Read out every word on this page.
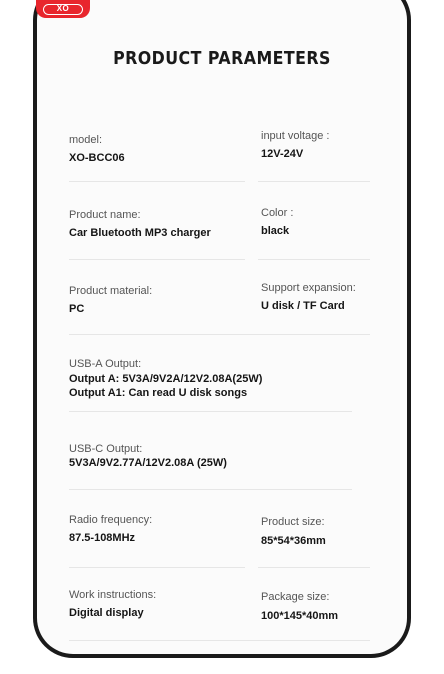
XO
PRODUCT PARAMETERS
model:
XO-BCC06
input voltage :
12V-24V
Product name:
Car Bluetooth MP3 charger
Color :
black
Product material:
PC
Support expansion:
U disk / TF Card
USB-A Output:
Output A: 5V3A/9V2A/12V2.08A(25W)
Output A1: Can read U disk songs
USB-C Output:
5V3A/9V2.77A/12V2.08A (25W)
Radio frequency:
87.5-108MHz
Product size:
85*54*36mm
Work instructions:
Digital display
Package size:
100*145*40mm
